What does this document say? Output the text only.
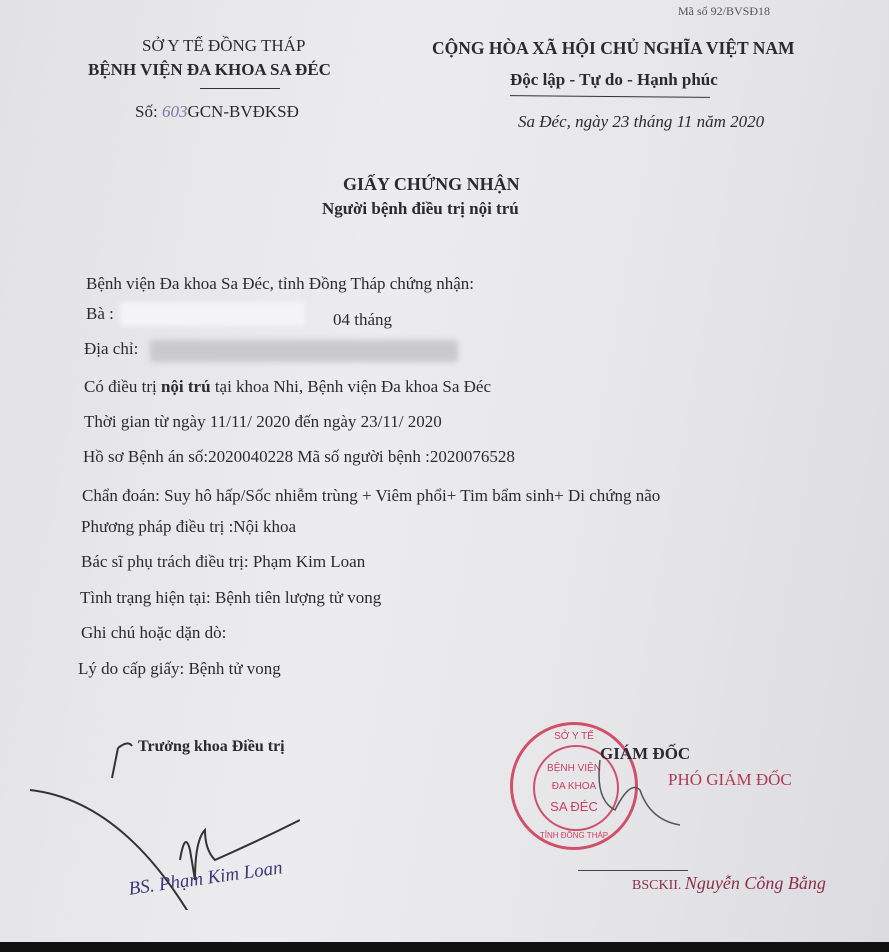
Mã số 92/BVSĐ18
SỞ Y TẾ ĐỒNG THÁP
BỆNH VIỆN ĐA KHOA SA ĐÉC
Số: 603GCN-BVĐKSĐ
CỘNG HÒA XÃ HỘI CHỦ NGHĨA VIỆT NAM
Độc lập - Tự do - Hạnh phúc
Sa Đéc, ngày 23 tháng 11 năm 2020
GIẤY CHỨNG NHẬN
Người bệnh điều trị nội trú
Bệnh viện Đa khoa Sa Đéc, tỉnh Đồng Tháp chứng nhận:
Bà :	04 tháng
Địa chỉ:
Có điều trị nội trú tại khoa Nhi, Bệnh viện Đa khoa Sa Đéc
Thời gian từ ngày 11/11/ 2020 đến ngày 23/11/ 2020
Hồ sơ Bệnh án số:2020040228 Mã số người bệnh :2020076528
Chẩn đoán: Suy hô hấp/Sốc nhiễm trùng + Viêm phổi+ Tim bẩm sinh+ Di chứng não
Phương pháp điều trị :Nội khoa
Bác sĩ phụ trách điều trị: Phạm Kim Loan
Tình trạng hiện tại: Bệnh tiên lượng tử vong
Ghi chú hoặc dặn dò:
Lý do cấp giấy: Bệnh tử vong
Trưởng khoa Điều trị
BS. Phạm Kim Loan
SỞ Y TẾ
BỆNH VIỆN
ĐA KHOA
SA ĐÉC
TỈNH ĐỒNG THÁP
GIÁM ĐỐC
PHÓ GIÁM ĐỐC
BSCKII. Nguyễn Công Bằng
